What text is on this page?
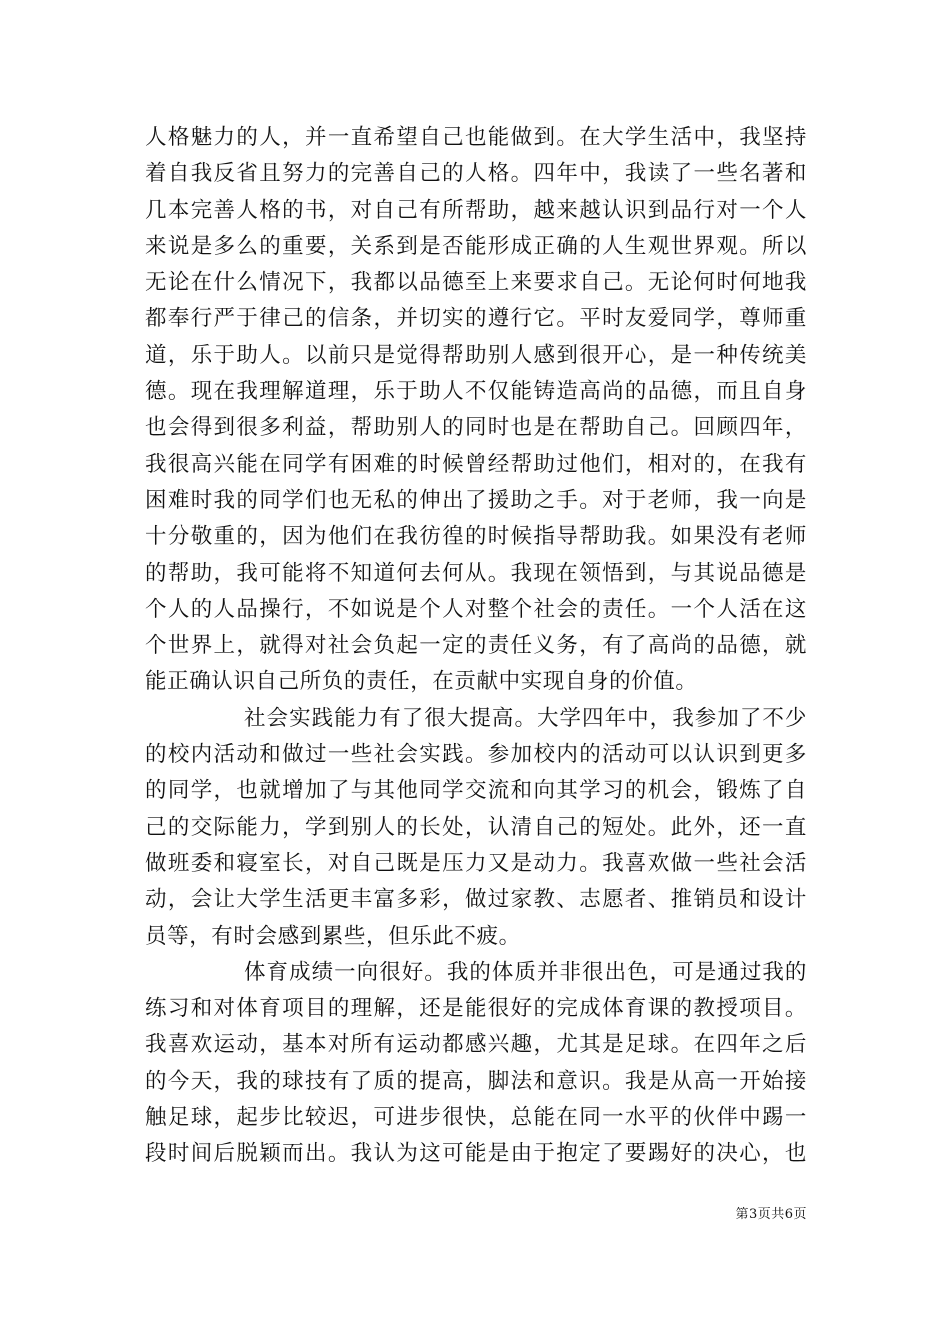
人格魅力的人，并一直希望自己也能做到。在大学生活中，我坚持着自我反省且努力的完善自己的人格。四年中，我读了一些名著和几本完善人格的书，对自己有所帮助，越来越认识到品行对一个人来说是多么的重要，关系到是否能形成正确的人生观世界观。所以无论在什么情况下，我都以品德至上来要求自己。无论何时何地我都奉行严于律己的信条，并切实的遵行它。平时友爱同学，尊师重道，乐于助人。以前只是觉得帮助别人感到很开心，是一种传统美德。现在我理解道理，乐于助人不仅能铸造高尚的品德，而且自身也会得到很多利益，帮助别人的同时也是在帮助自己。回顾四年，我很高兴能在同学有困难的时候曾经帮助过他们，相对的，在我有困难时我的同学们也无私的伸出了援助之手。对于老师，我一向是十分敬重的，因为他们在我彷徨的时候指导帮助我。如果没有老师的帮助，我可能将不知道何去何从。我现在领悟到，与其说品德是个人的人品操行，不如说是个人对整个社会的责任。一个人活在这个世界上，就得对社会负起一定的责任义务，有了高尚的品德，就能正确认识自己所负的责任，在贡献中实现自身的价值。

社会实践能力有了很大提高。大学四年中，我参加了不少的校内活动和做过一些社会实践。参加校内的活动可以认识到更多的同学，也就增加了与其他同学交流和向其学习的机会，锻炼了自己的交际能力，学到别人的长处，认清自己的短处。此外，还一直做班委和寝室长，对自己既是压力又是动力。我喜欢做一些社会活动，会让大学生活更丰富多彩，做过家教、志愿者、推销员和设计员等，有时会感到累些，但乐此不疲。

体育成绩一向很好。我的体质并非很出色，可是通过我的练习和对体育项目的理解，还是能很好的完成体育课的教授项目。我喜欢运动，基本对所有运动都感兴趣，尤其是足球。在四年之后的今天，我的球技有了质的提高，脚法和意识。我是从高一开始接触足球，起步比较迟，可进步很快，总能在同一水平的伙伴中踢一段时间后脱颖而出。我认为这可能是由于抱定了要踢好的决心，也

第3页共6页
